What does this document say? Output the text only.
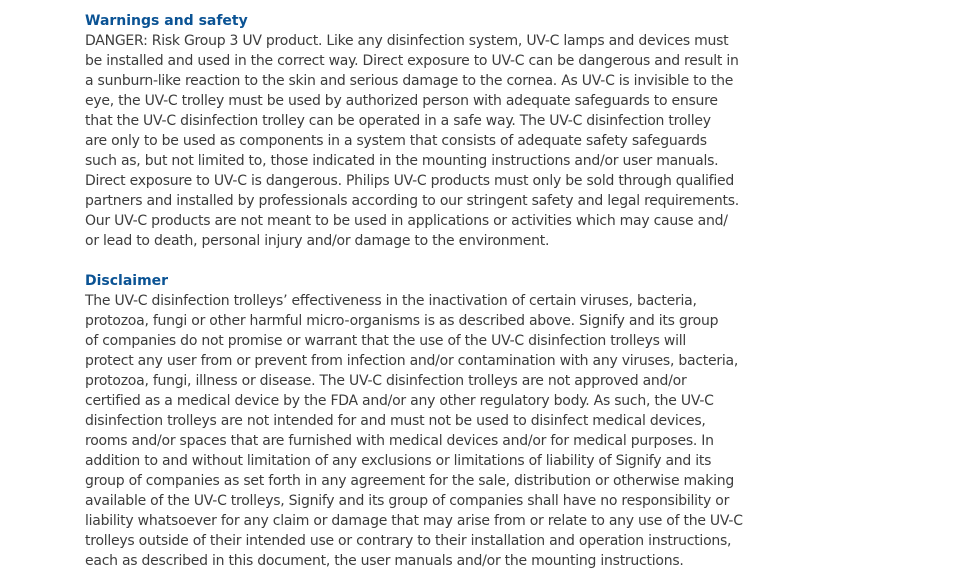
Warnings and safety
DANGER: Risk Group 3 UV product. Like any disinfection system, UV-C lamps and devices must
be installed and used in the correct way. Direct exposure to UV-C can be dangerous and result in
a sunburn-like reaction to the skin and serious damage to the cornea. As UV-C is invisible to the
eye, the UV-C trolley must be used by authorized person with adequate safeguards to ensure
that the UV-C disinfection trolley can be operated in a safe way. The UV-C disinfection trolley
are only to be used as components in a system that consists of adequate safety safeguards
such as, but not limited to, those indicated in the mounting instructions and/or user manuals.
Direct exposure to UV-C is dangerous. Philips UV-C products must only be sold through qualified
partners and installed by professionals according to our stringent safety and legal requirements.
Our UV-C products are not meant to be used in applications or activities which may cause and/
or lead to death, personal injury and/or damage to the environment.
Disclaimer
The UV-C disinfection trolleys’ effectiveness in the inactivation of certain viruses, bacteria,
protozoa, fungi or other harmful micro-organisms is as described above. Signify and its group
of companies do not promise or warrant that the use of the UV-C disinfection trolleys will
protect any user from or prevent from infection and/or contamination with any viruses, bacteria,
protozoa, fungi, illness or disease. The UV-C disinfection trolleys are not approved and/or
certified as a medical device by the FDA and/or any other regulatory body. As such, the UV-C
disinfection trolleys are not intended for and must not be used to disinfect medical devices,
rooms and/or spaces that are furnished with medical devices and/or for medical purposes. In
addition to and without limitation of any exclusions or limitations of liability of Signify and its
group of companies as set forth in any agreement for the sale, distribution or otherwise making
available of the UV-C trolleys, Signify and its group of companies shall have no responsibility or
liability whatsoever for any claim or damage that may arise from or relate to any use of the UV-C
trolleys outside of their intended use or contrary to their installation and operation instructions,
each as described in this document, the user manuals and/or the mounting instructions.
